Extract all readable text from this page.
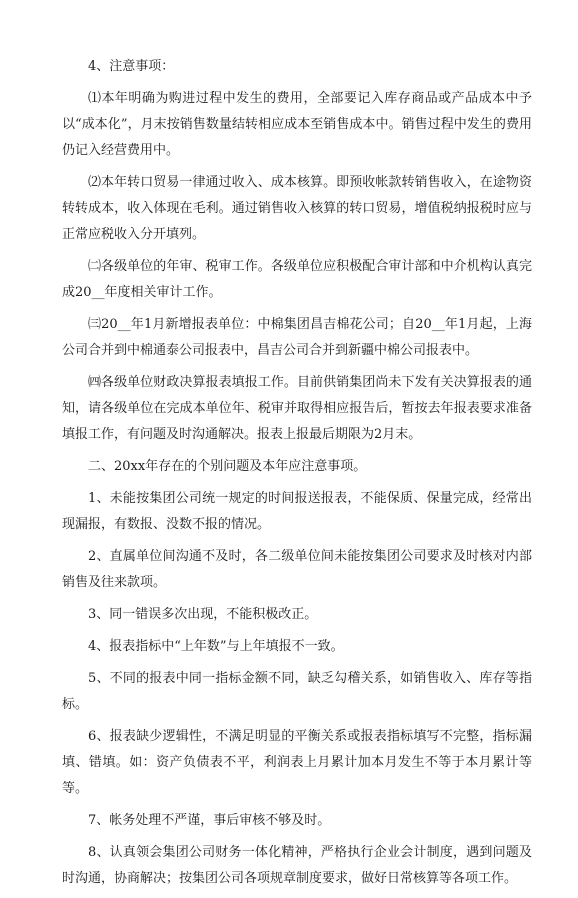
4、注意事项：

⑴本年明确为购进过程中发生的费用，全部要记入库存商品或产品成本中予以“成本化”，月末按销售数量结转相应成本至销售成本中。销售过程中发生的费用仍记入经营费用中。

⑵本年转口贸易一律通过收入、成本核算。即预收帐款转销售收入，在途物资转转成本，收入体现在毛利。通过销售收入核算的转口贸易，增值税纳报税时应与正常应税收入分开填列。

㈡各级单位的年审、税审工作。各级单位应积极配合审计部和中介机构认真完成20__年度相关审计工作。

㈢20__年1月新增报表单位：中棉集团昌吉棉花公司；自20__年1月起，上海公司合并到中棉通泰公司报表中，昌吉公司合并到新疆中棉公司报表中。

㈣各级单位财政决算报表填报工作。目前供销集团尚未下发有关决算报表的通知，请各级单位在完成本单位年、税审并取得相应报告后，暂按去年报表要求准备填报工作，有问题及时沟通解决。报表上报最后期限为2月末。

二、20xx年存在的个别问题及本年应注意事项。

1、未能按集团公司统一规定的时间报送报表，不能保质、保量完成，经常出现漏报，有数报、没数不报的情况。

2、直属单位间沟通不及时，各二级单位间未能按集团公司要求及时核对内部销售及往来款项。

3、同一错误多次出现，不能积极改正。

4、报表指标中“上年数”与上年填报不一致。

5、不同的报表中同一指标金额不同，缺乏勾稽关系，如销售收入、库存等指标。

6、报表缺少逻辑性，不满足明显的平衡关系或报表指标填写不完整，指标漏填、错填。如：资产负债表不平，利润表上月累计加本月发生不等于本月累计等等。

7、帐务处理不严谨，事后审核不够及时。

8、认真领会集团公司财务一体化精神，严格执行企业会计制度，遇到问题及时沟通，协商解决；按集团公司各项规章制度要求，做好日常核算等各项工作。
